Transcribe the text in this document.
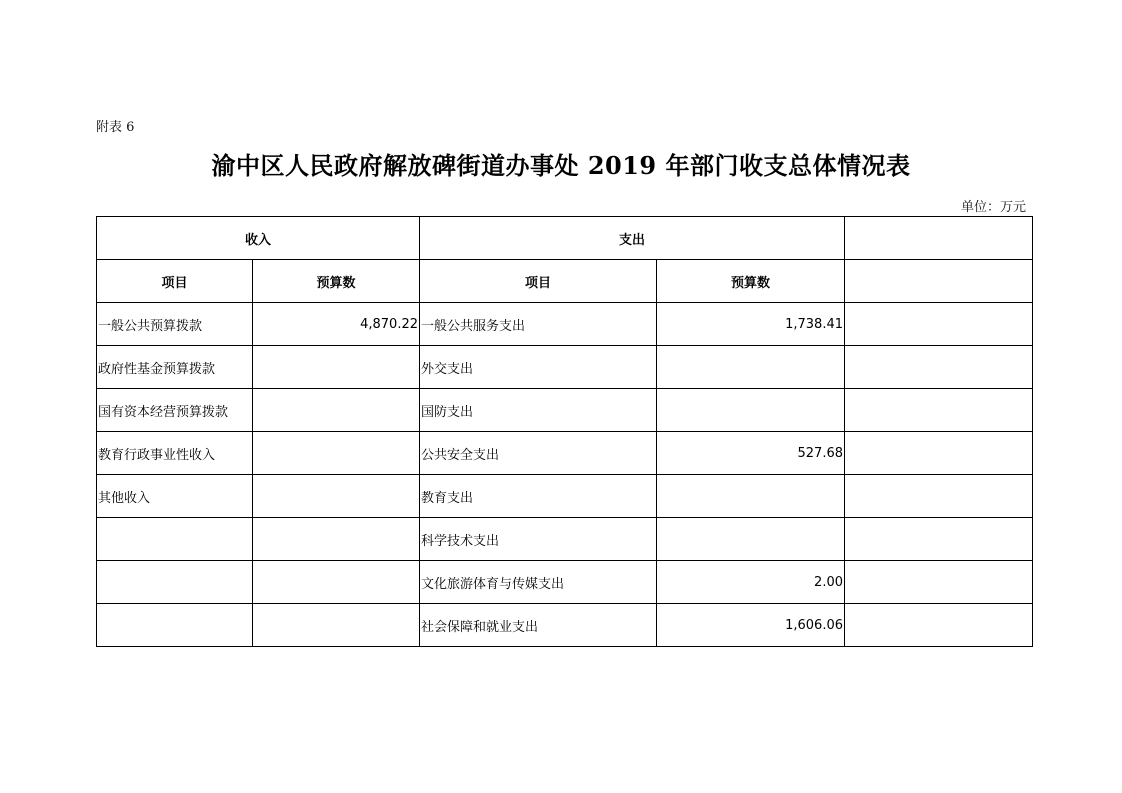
附表 6
渝中区人民政府解放碑街道办事处 2019 年部门收支总体情况表
单位：万元
收入		支出		
项目	预算数	项目	预算数	
一般公共预算拨款	4,870.22	一般公共服务支出	1,738.41	
政府性基金预算拨款		外交支出		
国有资本经营预算拨款		国防支出		
教育行政事业性收入		公共安全支出	527.68	
其他收入		教育支出		
		科学技术支出		
		文化旅游体育与传媒支出	2.00	
		社会保障和就业支出	1,606.06	
